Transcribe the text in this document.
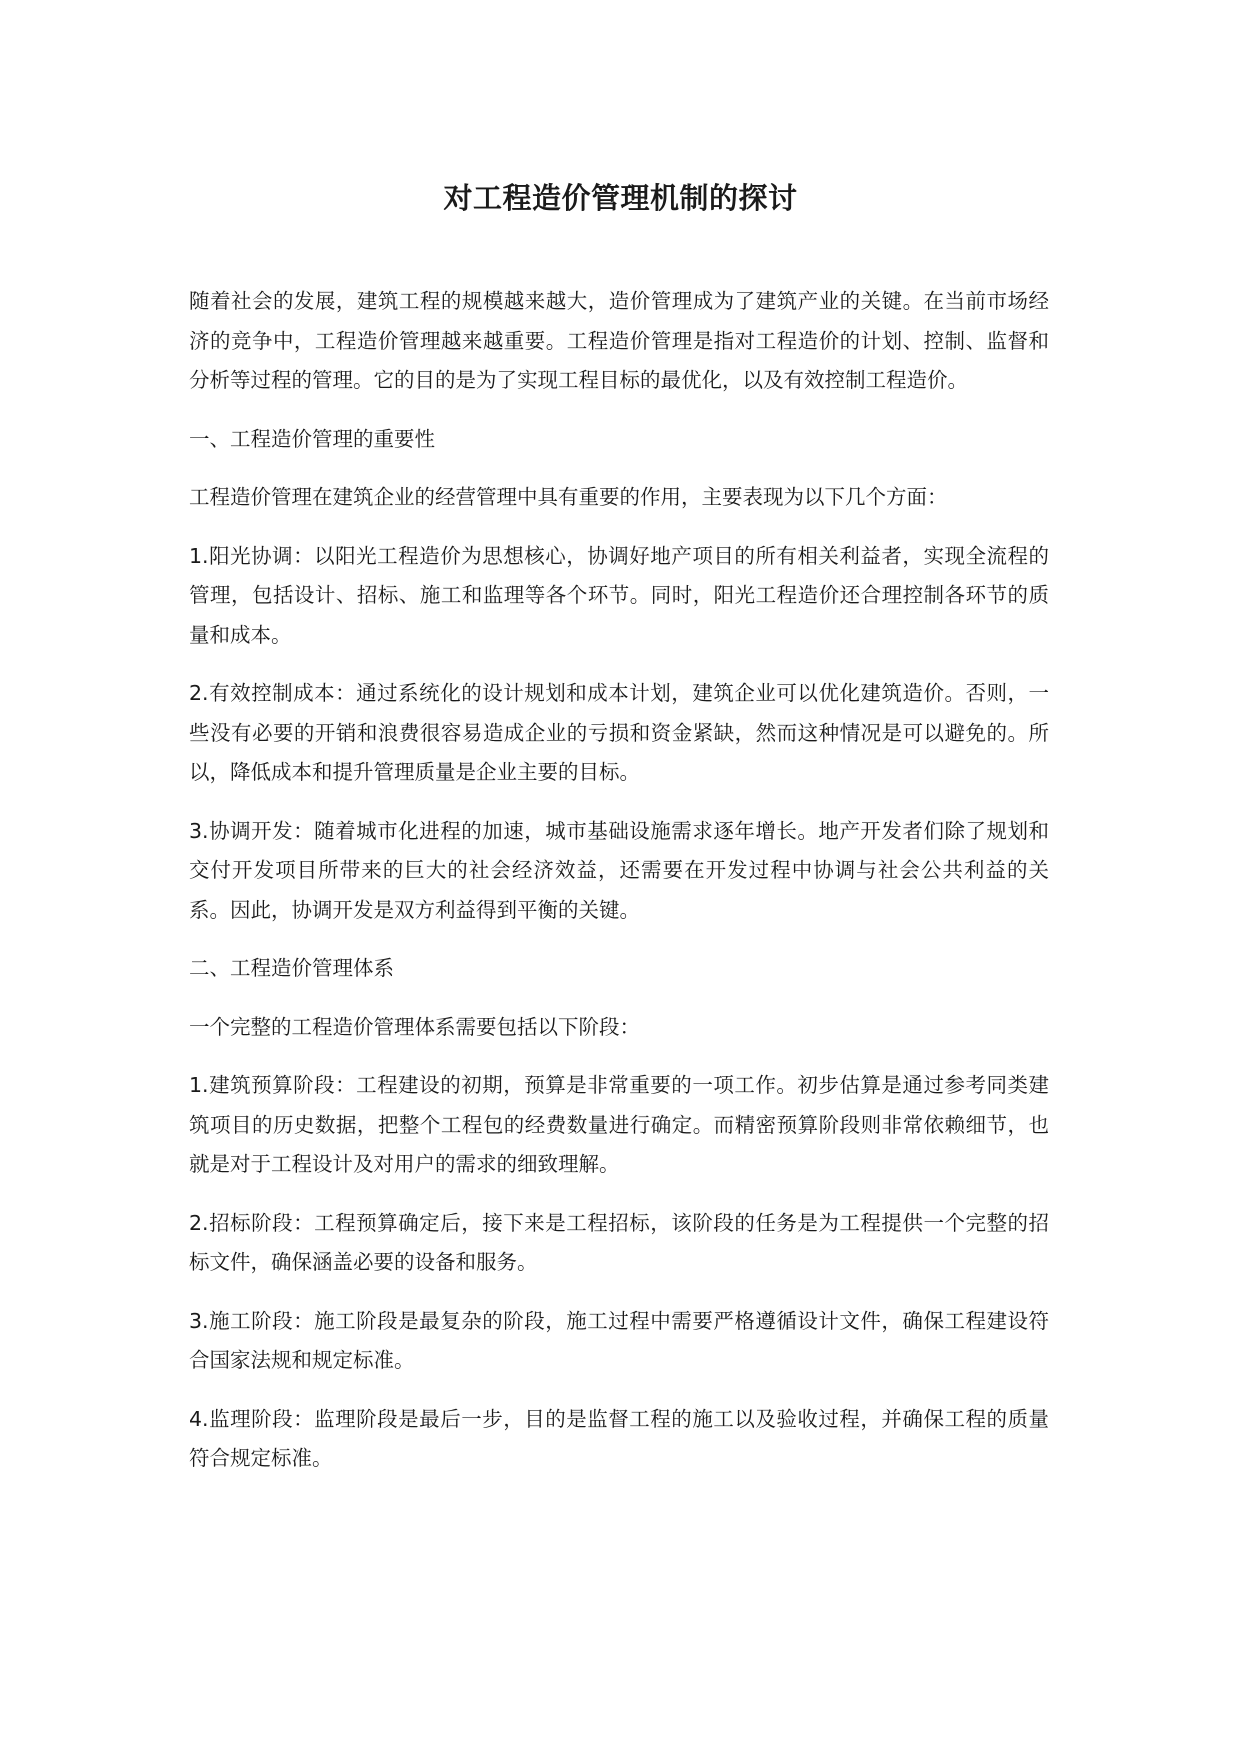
对工程造价管理机制的探讨

随着社会的发展，建筑工程的规模越来越大，造价管理成为了建筑产业的关键。在当前市场经济的竞争中，工程造价管理越来越重要。工程造价管理是指对工程造价的计划、控制、监督和分析等过程的管理。它的目的是为了实现工程目标的最优化，以及有效控制工程造价。

一、工程造价管理的重要性

工程造价管理在建筑企业的经营管理中具有重要的作用，主要表现为以下几个方面：

1.阳光协调：以阳光工程造价为思想核心，协调好地产项目的所有相关利益者，实现全流程的管理，包括设计、招标、施工和监理等各个环节。同时，阳光工程造价还合理控制各环节的质量和成本。

2.有效控制成本：通过系统化的设计规划和成本计划，建筑企业可以优化建筑造价。否则，一些没有必要的开销和浪费很容易造成企业的亏损和资金紧缺，然而这种情况是可以避免的。所以，降低成本和提升管理质量是企业主要的目标。

3.协调开发：随着城市化进程的加速，城市基础设施需求逐年增长。地产开发者们除了规划和交付开发项目所带来的巨大的社会经济效益，还需要在开发过程中协调与社会公共利益的关系。因此，协调开发是双方利益得到平衡的关键。

二、工程造价管理体系

一个完整的工程造价管理体系需要包括以下阶段：

1.建筑预算阶段：工程建设的初期，预算是非常重要的一项工作。初步估算是通过参考同类建筑项目的历史数据，把整个工程包的经费数量进行确定。而精密预算阶段则非常依赖细节，也就是对于工程设计及对用户的需求的细致理解。

2.招标阶段：工程预算确定后，接下来是工程招标，该阶段的任务是为工程提供一个完整的招标文件，确保涵盖必要的设备和服务。

3.施工阶段：施工阶段是最复杂的阶段，施工过程中需要严格遵循设计文件，确保工程建设符合国家法规和规定标准。

4.监理阶段：监理阶段是最后一步，目的是监督工程的施工以及验收过程，并确保工程的质量符合规定标准。
